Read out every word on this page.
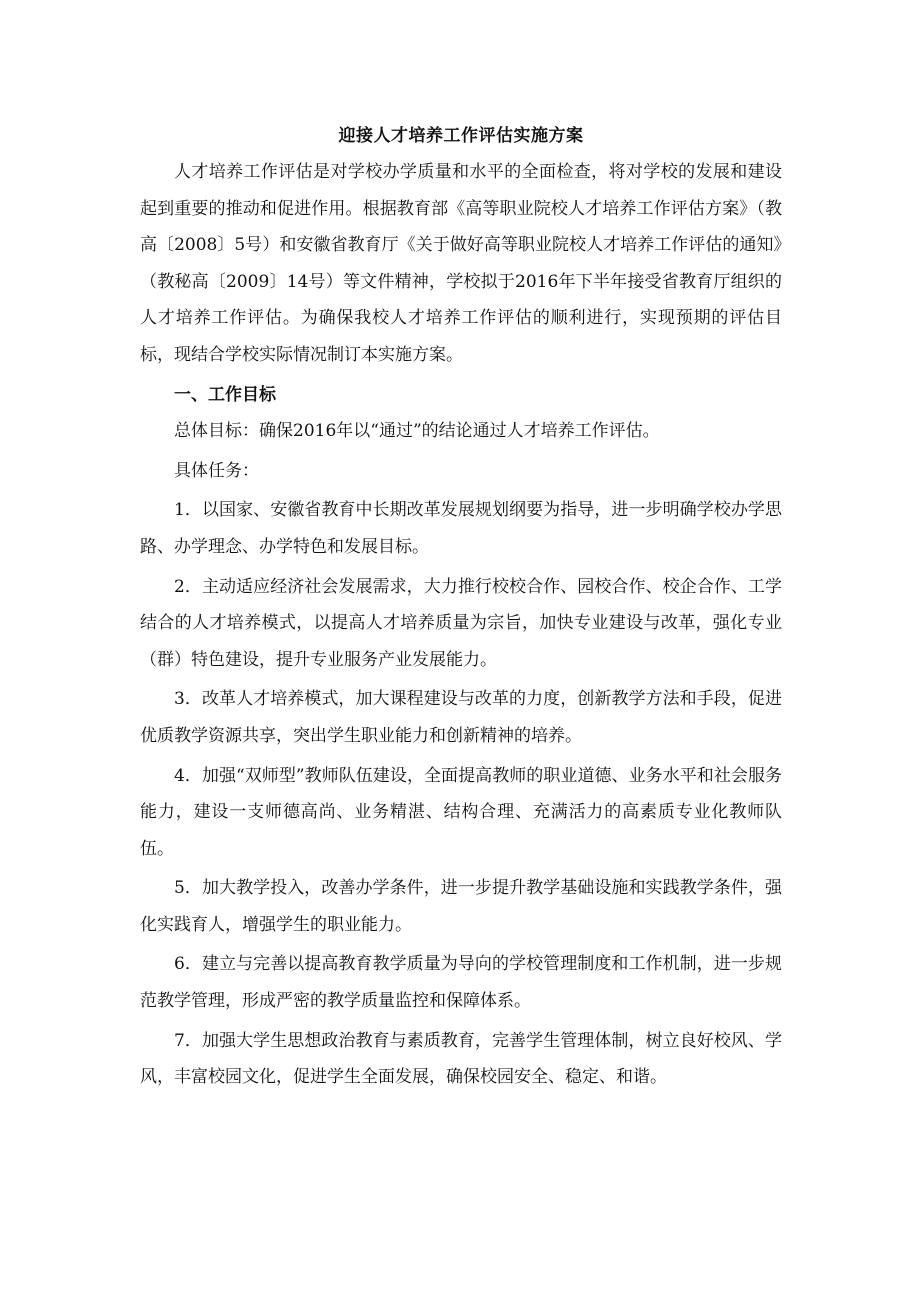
迎接人才培养工作评估实施方案

人才培养工作评估是对学校办学质量和水平的全面检查，将对学校的发展和建设起到重要的推动和促进作用。根据教育部《高等职业院校人才培养工作评估方案》（教高〔2008〕5号）和安徽省教育厅《关于做好高等职业院校人才培养工作评估的通知》（教秘高〔2009〕14号）等文件精神，学校拟于2016年下半年接受省教育厅组织的人才培养工作评估。为确保我校人才培养工作评估的顺利进行，实现预期的评估目标，现结合学校实际情况制订本实施方案。

一、工作目标

总体目标：确保2016年以“通过”的结论通过人才培养工作评估。

具体任务：

1．以国家、安徽省教育中长期改革发展规划纲要为指导，进一步明确学校办学思路、办学理念、办学特色和发展目标。

2．主动适应经济社会发展需求，大力推行校校合作、园校合作、校企合作、工学结合的人才培养模式，以提高人才培养质量为宗旨，加快专业建设与改革，强化专业（群）特色建设，提升专业服务产业发展能力。

3．改革人才培养模式，加大课程建设与改革的力度，创新教学方法和手段，促进优质教学资源共享，突出学生职业能力和创新精神的培养。

4．加强“双师型”教师队伍建设，全面提高教师的职业道德、业务水平和社会服务能力，建设一支师德高尚、业务精湛、结构合理、充满活力的高素质专业化教师队伍。

5．加大教学投入，改善办学条件，进一步提升教学基础设施和实践教学条件，强化实践育人，增强学生的职业能力。

6．建立与完善以提高教育教学质量为导向的学校管理制度和工作机制，进一步规范教学管理，形成严密的教学质量监控和保障体系。

7．加强大学生思想政治教育与素质教育，完善学生管理体制，树立良好校风、学风，丰富校园文化，促进学生全面发展，确保校园安全、稳定、和谐。
